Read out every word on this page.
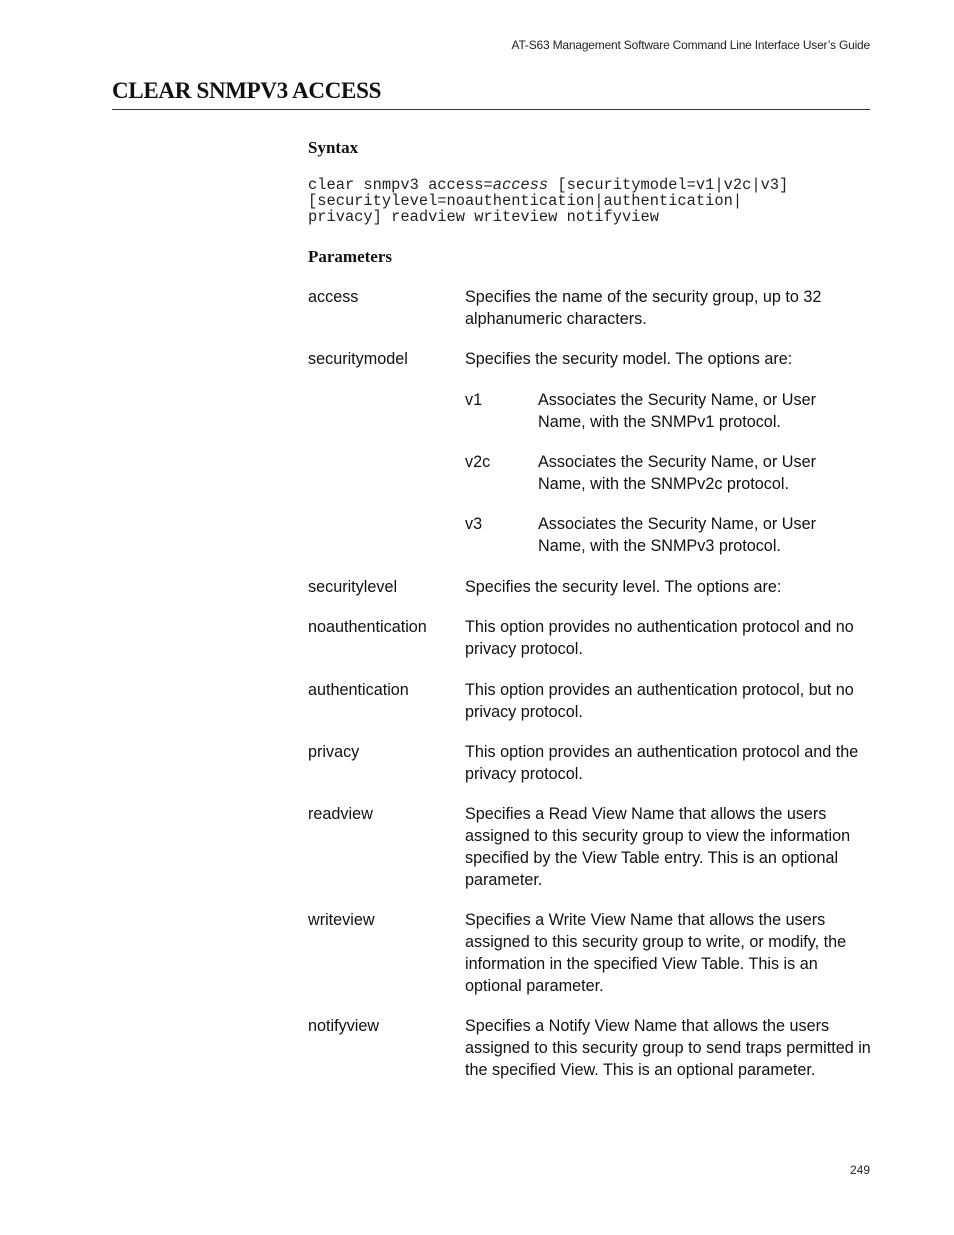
AT-S63 Management Software Command Line Interface User’s Guide
CLEAR SNMPV3 ACCESS
Syntax
clear snmpv3 access=access [securitymodel=v1|v2c|v3]
[securitylevel=noauthentication|authentication|
privacy] readview writeview notifyview
Parameters
access	Specifies the name of the security group, up to 32 alphanumeric characters.
securitymodel	Specifies the security model. The options are:
v1	Associates the Security Name, or User Name, with the SNMPv1 protocol.
v2c	Associates the Security Name, or User Name, with the SNMPv2c protocol.
v3	Associates the Security Name, or User Name, with the SNMPv3 protocol.
securitylevel	Specifies the security level. The options are:
noauthentication This option provides no authentication protocol and no privacy protocol.
authentication	This option provides an authentication protocol, but no privacy protocol.
privacy	This option provides an authentication protocol and the privacy protocol.
readview	Specifies a Read View Name that allows the users assigned to this security group to view the information specified by the View Table entry. This is an optional parameter.
writeview	Specifies a Write View Name that allows the users assigned to this security group to write, or modify, the information in the specified View Table. This is an optional parameter.
notifyview	Specifies a Notify View Name that allows the users assigned to this security group to send traps permitted in the specified View. This is an optional parameter.
249
